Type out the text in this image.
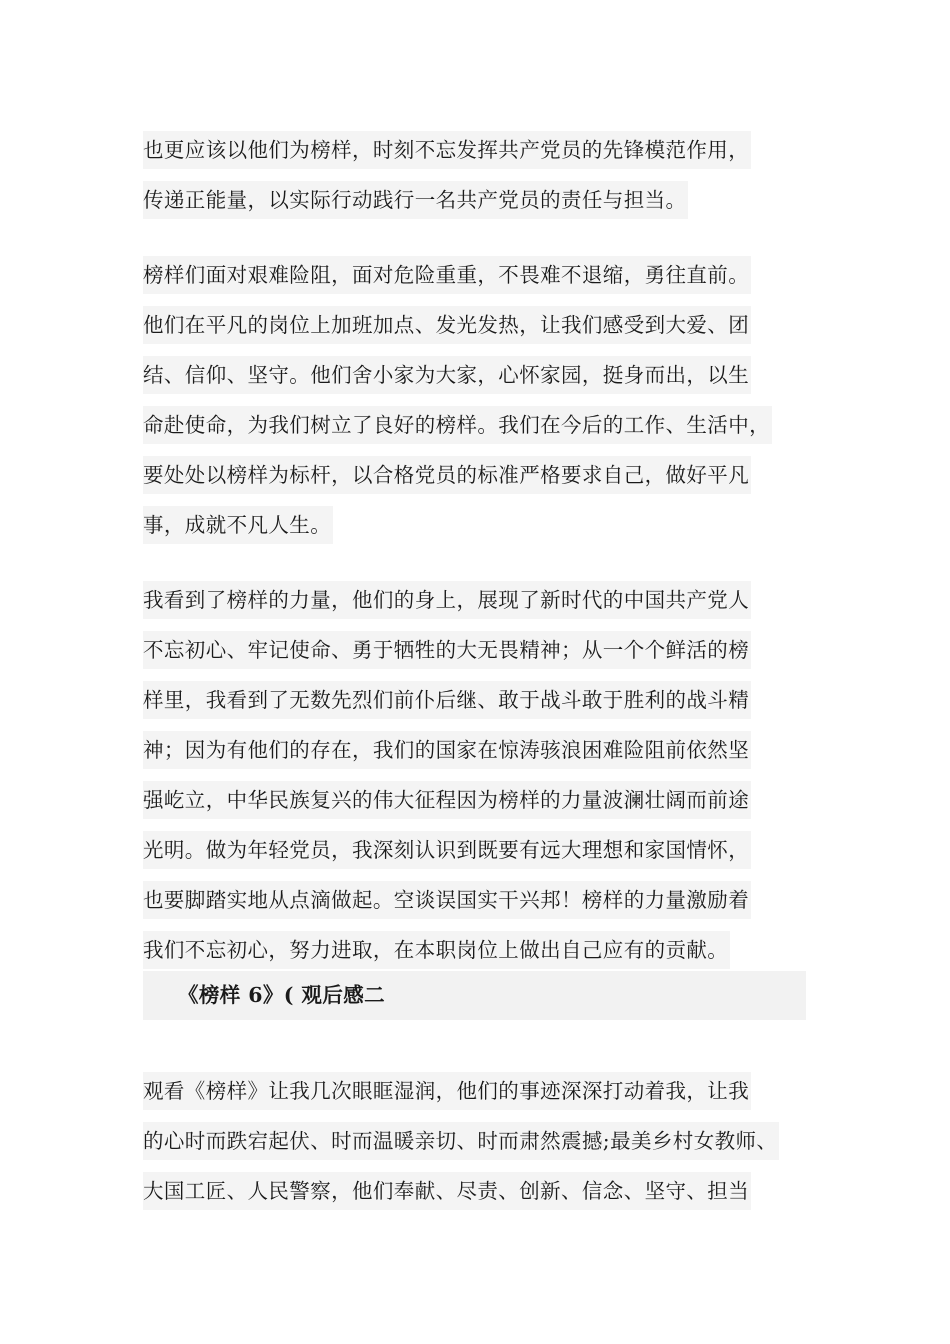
也更应该以他们为榜样，时刻不忘发挥共产党员的先锋模范作用，
传递正能量，以实际行动践行一名共产党员的责任与担当。
榜样们面对艰难险阻，面对危险重重，不畏难不退缩，勇往直前。
他们在平凡的岗位上加班加点、发光发热，让我们感受到大爱、团
结、信仰、坚守。他们舍小家为大家，心怀家园，挺身而出，以生
命赴使命，为我们树立了良好的榜样。我们在今后的工作、生活中，
要处处以榜样为标杆，以合格党员的标准严格要求自己，做好平凡
事，成就不凡人生。
我看到了榜样的力量，他们的身上，展现了新时代的中国共产党人
不忘初心、牢记使命、勇于牺牲的大无畏精神；从一个个鲜活的榜
样里，我看到了无数先烈们前仆后继、敢于战斗敢于胜利的战斗精
神；因为有他们的存在，我们的国家在惊涛骇浪困难险阻前依然坚
强屹立，中华民族复兴的伟大征程因为榜样的力量波澜壮阔而前途
光明。做为年轻党员，我深刻认识到既要有远大理想和家国情怀，
也要脚踏实地从点滴做起。空谈误国实干兴邦！榜样的力量激励着
我们不忘初心，努力进取，在本职岗位上做出自己应有的贡献。
《榜样 6》( 观后感二
观看《榜样》让我几次眼眶湿润，他们的事迹深深打动着我，让我
的心时而跌宕起伏、时而温暖亲切、时而肃然震撼;最美乡村女教师、
大国工匠、人民警察，他们奉献、尽责、创新、信念、坚守、担当
